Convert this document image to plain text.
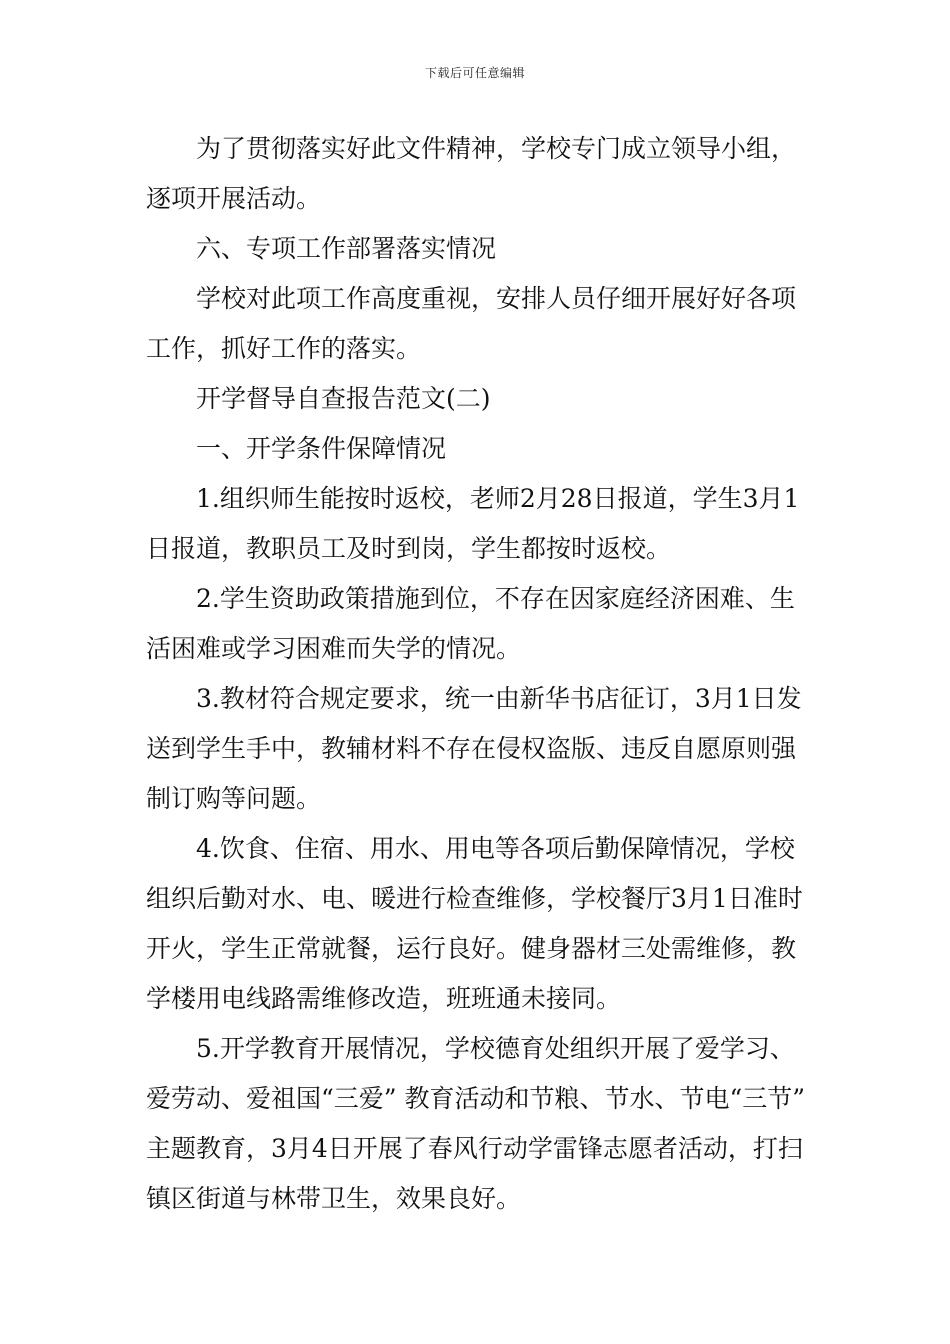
下载后可任意编辑

为了贯彻落实好此文件精神，学校专门成立领导小组，逐项开展活动。

六、专项工作部署落实情况

学校对此项工作高度重视，安排人员仔细开展好好各项工作，抓好工作的落实。

开学督导自查报告范文(二)

一、开学条件保障情况

1.组织师生能按时返校，老师2月28日报道，学生3月1日报道，教职员工及时到岗，学生都按时返校。

2.学生资助政策措施到位，不存在因家庭经济困难、生活困难或学习困难而失学的情况。

3.教材符合规定要求，统一由新华书店征订，3月1日发送到学生手中，教辅材料不存在侵权盗版、违反自愿原则强制订购等问题。

4.饮食、住宿、用水、用电等各项后勤保障情况，学校组织后勤对水、电、暖进行检查维修，学校餐厅3月1日准时开火，学生正常就餐，运行良好。健身器材三处需维修，教学楼用电线路需维修改造，班班通未接同。

5.开学教育开展情况，学校德育处组织开展了爱学习、爱劳动、爱祖国“三爱” 教育活动和节粮、节水、节电“三节” 主题教育，3月4日开展了春风行动学雷锋志愿者活动，打扫镇区街道与林带卫生，效果良好。
